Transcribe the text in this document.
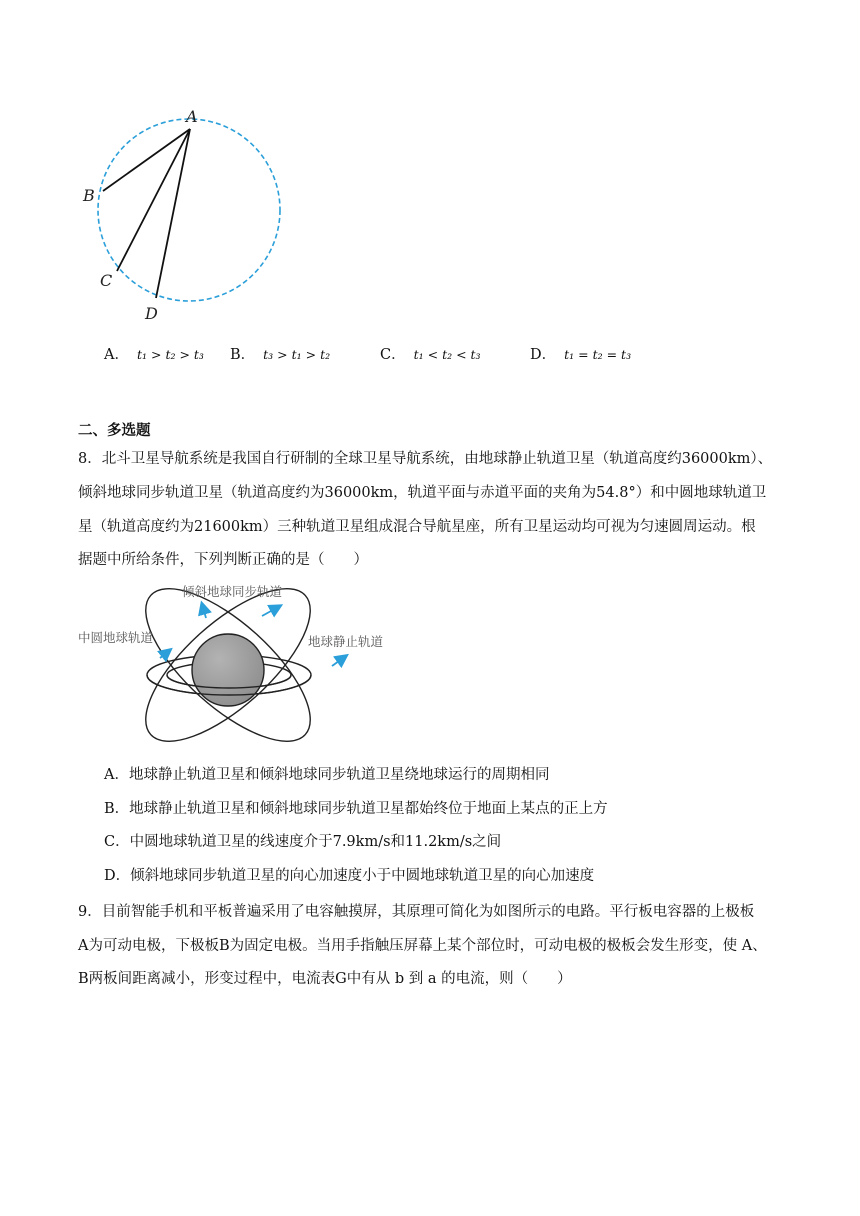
A
B
C
D
A． t₁ > t₂ > t₃ B． t₃ > t₁ > t₂	C． t₁ < t₂ < t₃	D． t₁ = t₂ = t₃
二、多选题
8．北斗卫星导航系统是我国自行研制的全球卫星导航系统，由地球静止轨道卫星（轨道高度约36000km）、
倾斜地球同步轨道卫星（轨道高度约为36000km，轨道平面与赤道平面的夹角为54.8°）和中圆地球轨道卫
星（轨道高度约为21600km）三种轨道卫星组成混合导航星座，所有卫星运动均可视为匀速圆周运动。根
据题中所给条件，下列判断正确的是（　　）
倾斜地球同步轨道
中圆地球轨道	地球静止轨道
A．地球静止轨道卫星和倾斜地球同步轨道卫星绕地球运行的周期相同
B．地球静止轨道卫星和倾斜地球同步轨道卫星都始终位于地面上某点的正上方
C．中圆地球轨道卫星的线速度介于7.9km/s和11.2km/s之间
D．倾斜地球同步轨道卫星的向心加速度小于中圆地球轨道卫星的向心加速度
9．目前智能手机和平板普遍采用了电容触摸屏，其原理可简化为如图所示的电路。平行板电容器的上极板
A为可动电极，下极板B为固定电极。当用手指触压屏幕上某个部位时，可动电极的极板会发生形变，使 A、
B两板间距离减小，形变过程中，电流表G中有从 b 到 a 的电流，则（　　）
